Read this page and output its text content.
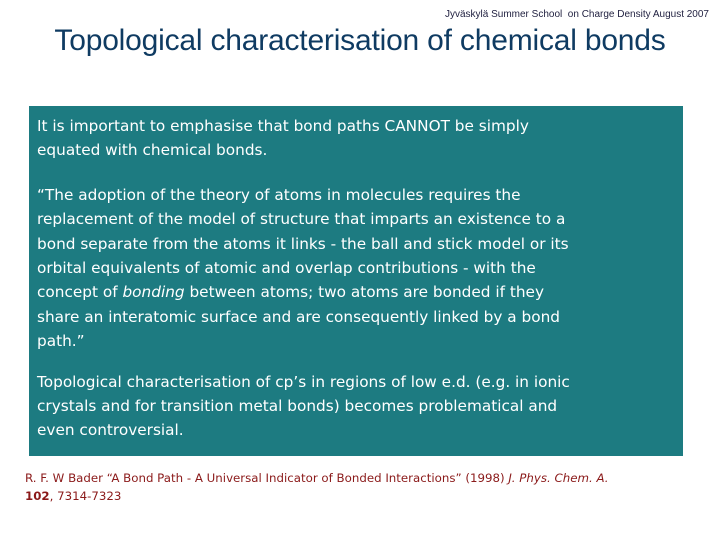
Jyväskylä Summer School  on Charge Density August 2007
Topological characterisation of chemical bonds

It is important to emphasise that bond paths CANNOT be simply
equated with chemical bonds.

“The adoption of the theory of atoms in molecules requires the
replacement of the model of structure that imparts an existence to a
bond separate from the atoms it links - the ball and stick model or its
orbital equivalents of atomic and overlap contributions - with the
concept of bonding between atoms; two atoms are bonded if they
share an interatomic surface and are consequently linked by a bond
path.”

Topological characterisation of cp’s in regions of low e.d. (e.g. in ionic
crystals and for transition metal bonds) becomes problematical and
even controversial.

R. F. W Bader “A Bond Path - A Universal Indicator of Bonded Interactions” (1998) J. Phys. Chem. A.
102, 7314-7323
